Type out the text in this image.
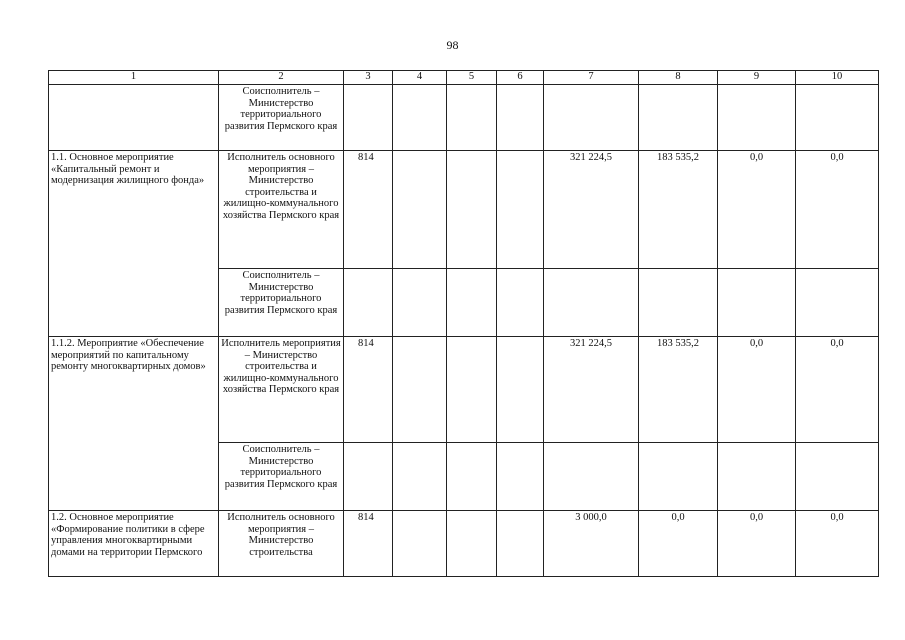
98
1	2	3	4	5	6	7	8	9	10
	Соисполнитель – Министерство территориального развития Пермского края								
1.1. Основное мероприятие «Капитальный ремонт и модернизация жилищного фонда»	Исполнитель основного мероприятия – Министерство строительства и жилищно-коммунального хозяйства Пермского края	814				321 224,5	183 535,2	0,0	0,0
	Соисполнитель – Министерство территориального развития Пермского края								
1.1.2. Мероприятие «Обеспечение мероприятий по капитальному ремонту многоквартирных домов»	Исполнитель мероприятия – Министерство строительства и жилищно-коммунального хозяйства Пермского края	814				321 224,5	183 535,2	0,0	0,0
	Соисполнитель – Министерство территориального развития Пермского края								
1.2. Основное мероприятие «Формирование политики в сфере управления многоквартирными домами на территории Пермского	Исполнитель основного мероприятия – Министерство строительства	814				3 000,0	0,0	0,0	0,0
